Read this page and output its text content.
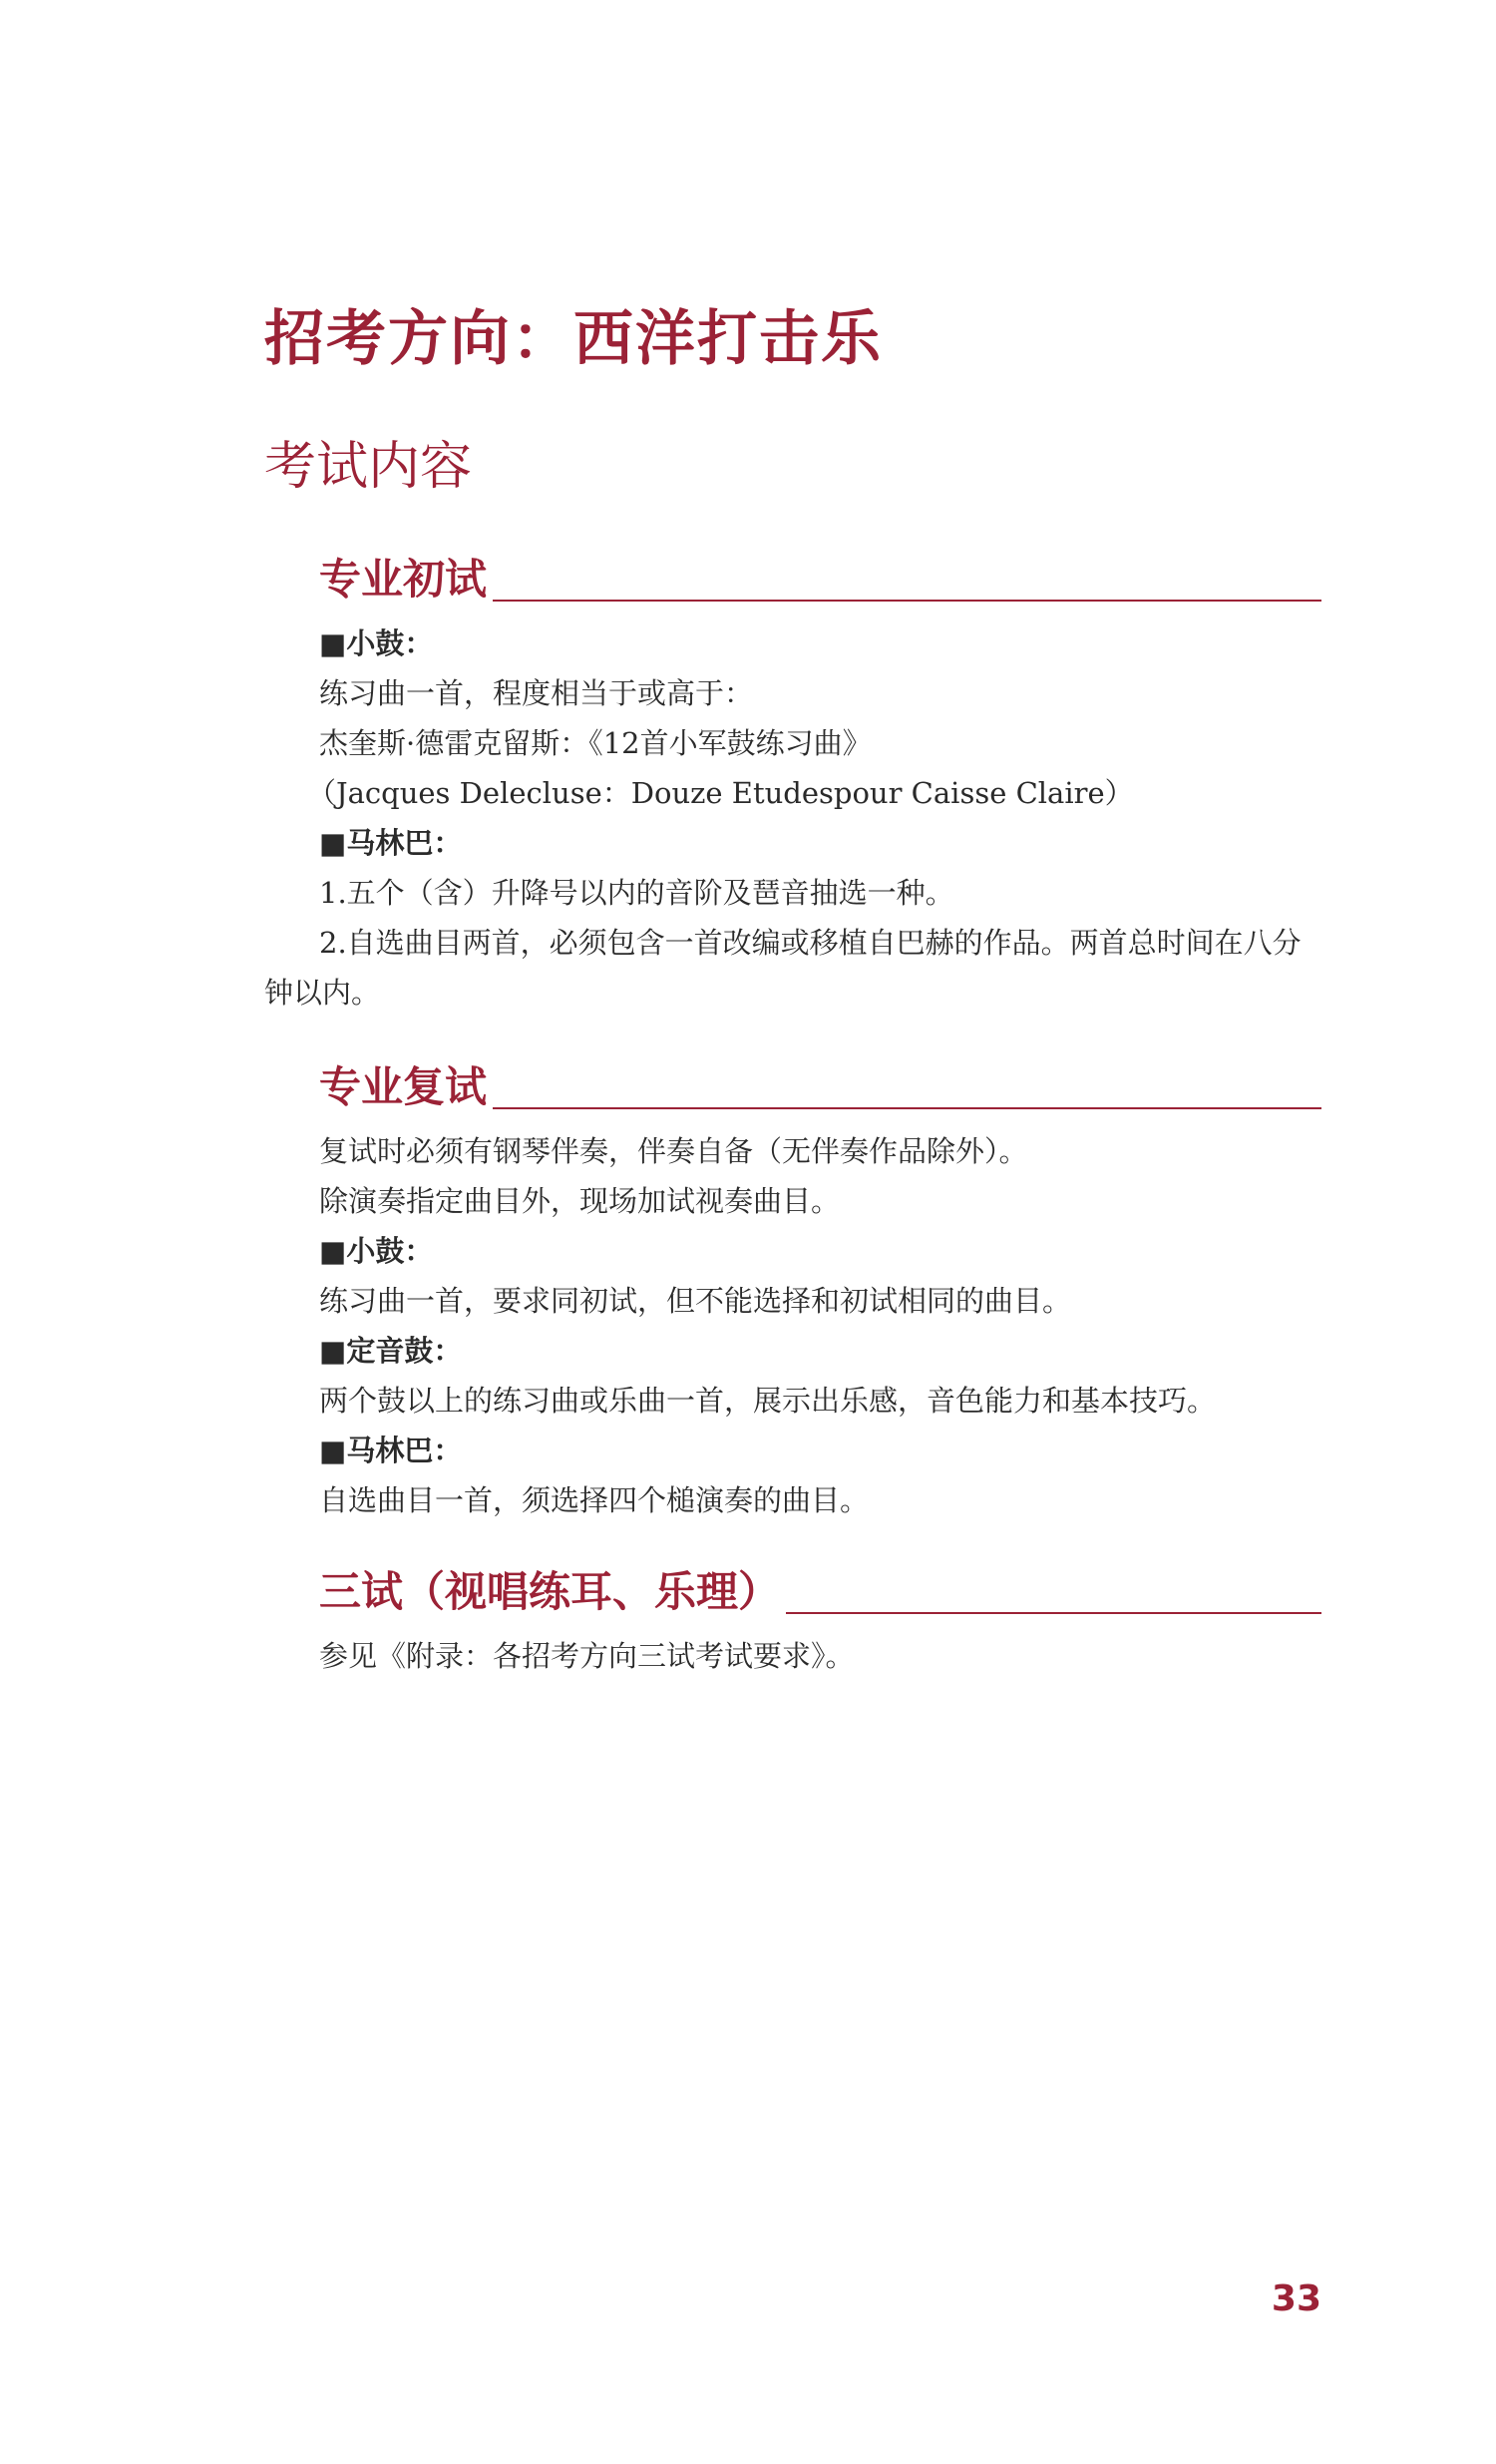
招考方向：西洋打击乐
考试内容
专业初试
■小鼓：
练习曲一首，程度相当于或高于：
杰奎斯·德雷克留斯：《12首小军鼓练习曲》
（Jacques Delecluse：Douze Etudespour Caisse Claire）
■马林巴：
1.五个（含）升降号以内的音阶及琶音抽选一种。
2.自选曲目两首，必须包含一首改编或移植自巴赫的作品。两首总时间在八分钟以内。
专业复试
复试时必须有钢琴伴奏，伴奏自备（无伴奏作品除外）。
除演奏指定曲目外，现场加试视奏曲目。
■小鼓：
练习曲一首，要求同初试，但不能选择和初试相同的曲目。
■定音鼓：
两个鼓以上的练习曲或乐曲一首，展示出乐感，音色能力和基本技巧。
■马林巴：
自选曲目一首，须选择四个槌演奏的曲目。
三试（视唱练耳、乐理）
参见《附录：各招考方向三试考试要求》。
33
